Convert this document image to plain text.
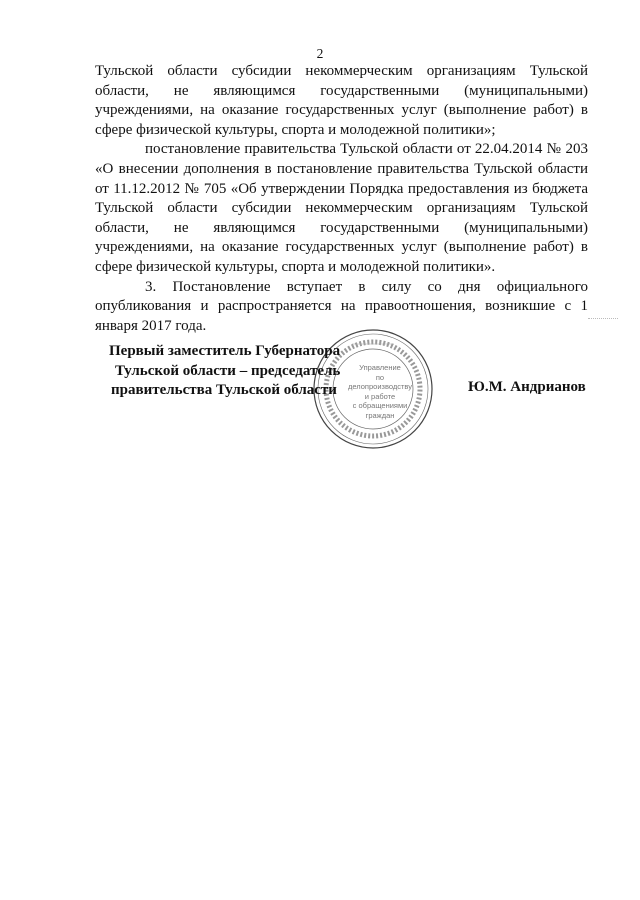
2

Тульской области субсидии некоммерческим организациям Тульской области, не являющимся государственными (муниципальными) учреждениями, на оказание государственных услуг (выполнение работ) в сфере физической культуры, спорта и молодежной политики»;

постановление правительства Тульской области от 22.04.2014 № 203 «О внесении дополнения в постановление правительства Тульской области от 11.12.2012 № 705 «Об утверждении Порядка предоставления из бюджета Тульской области субсидии некоммерческим организациям Тульской области, не являющимся государственными (муниципальными) учреждениями, на оказание государственных услуг (выполнение работ) в сфере физической культуры, спорта и молодежной политики».

3. Постановление вступает в силу со дня официального опубликования и распространяется на правоотношения, возникшие с 1 января 2017 года.

Управление
по делопроизводству
и работе
с обращениями
граждан
Первый заместитель Губернатора
Тульской области – председатель
правительства Тульской области	Ю.М. Андрианов
